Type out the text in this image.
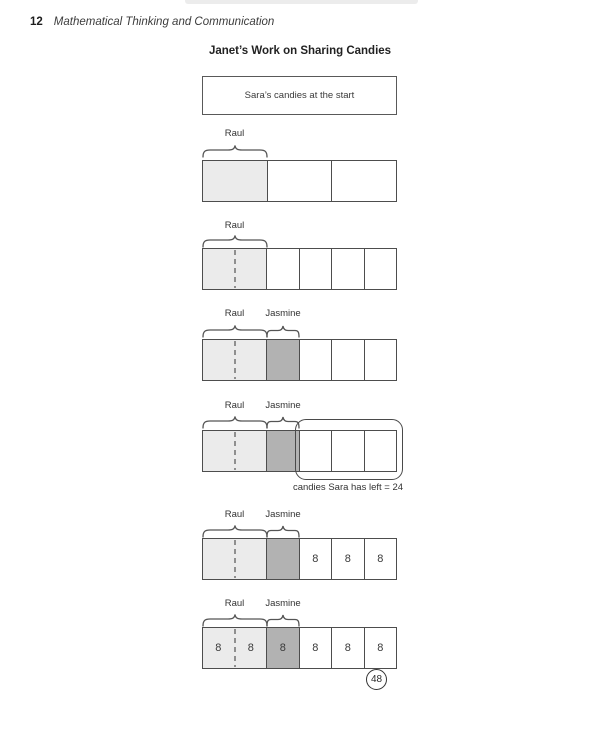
12 Mathematical Thinking and Communication
Janet’s Work on Sharing Candies
Sara’s candies at the start
Raul
Raul
Raul	Jasmine
Raul	Jasmine
candies Sara has left = 24
Raul	Jasmine
8	8	8
Raul	Jasmine
8	8	8	8	8	8
48
